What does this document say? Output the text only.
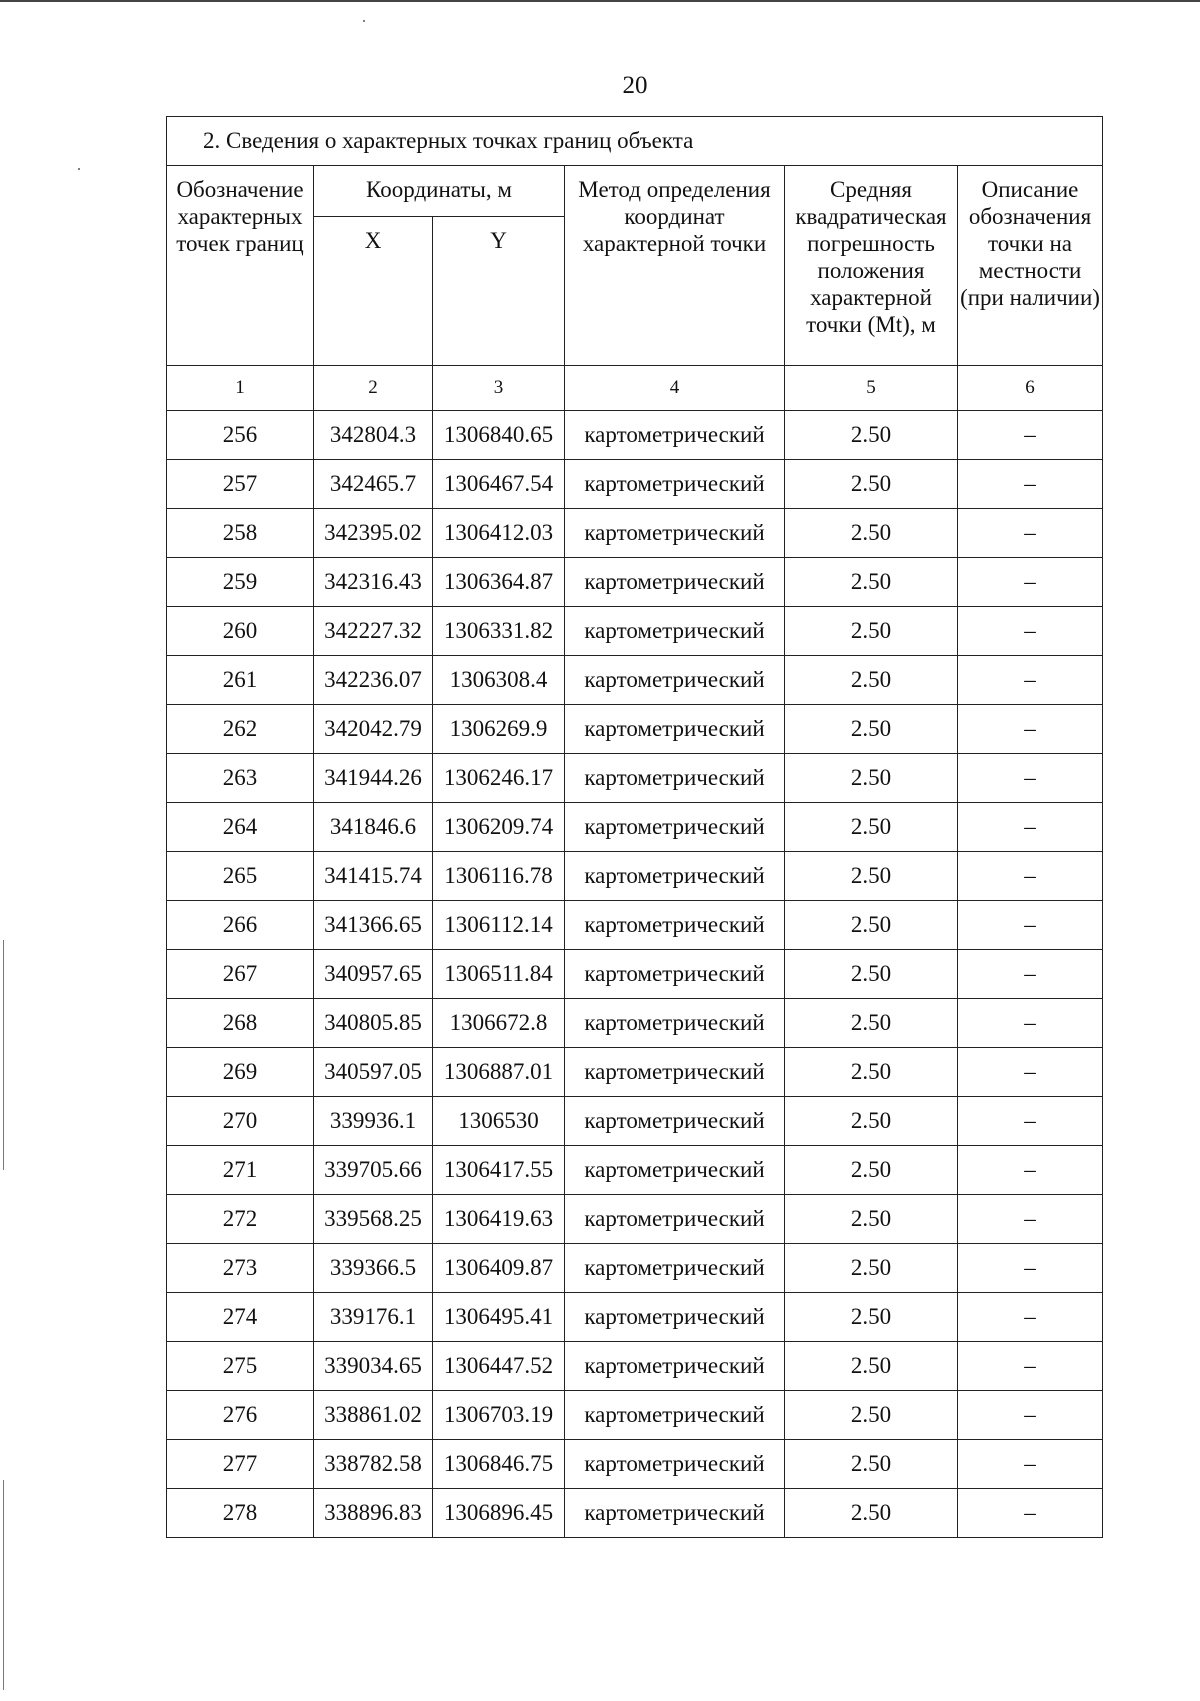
20
2. Сведения о характерных точках границ объекта					
Обозначение характерных точек границ	Координаты, м		Метод определения координат характерной точки	Средняя квадратическая погрешность положения характерной точки (Mt), м	Описание обозначения точки на местности (при наличии)
	X	Y			
1	2	3	4	5	6
256	342804.3	1306840.65	картометрический	2.50	–
257	342465.7	1306467.54	картометрический	2.50	–
258	342395.02	1306412.03	картометрический	2.50	–
259	342316.43	1306364.87	картометрический	2.50	–
260	342227.32	1306331.82	картометрический	2.50	–
261	342236.07	1306308.4	картометрический	2.50	–
262	342042.79	1306269.9	картометрический	2.50	–
263	341944.26	1306246.17	картометрический	2.50	–
264	341846.6	1306209.74	картометрический	2.50	–
265	341415.74	1306116.78	картометрический	2.50	–
266	341366.65	1306112.14	картометрический	2.50	–
267	340957.65	1306511.84	картометрический	2.50	–
268	340805.85	1306672.8	картометрический	2.50	–
269	340597.05	1306887.01	картометрический	2.50	–
270	339936.1	1306530	картометрический	2.50	–
271	339705.66	1306417.55	картометрический	2.50	–
272	339568.25	1306419.63	картометрический	2.50	–
273	339366.5	1306409.87	картометрический	2.50	–
274	339176.1	1306495.41	картометрический	2.50	–
275	339034.65	1306447.52	картометрический	2.50	–
276	338861.02	1306703.19	картометрический	2.50	–
277	338782.58	1306846.75	картометрический	2.50	–
278	338896.83	1306896.45	картометрический	2.50	–
